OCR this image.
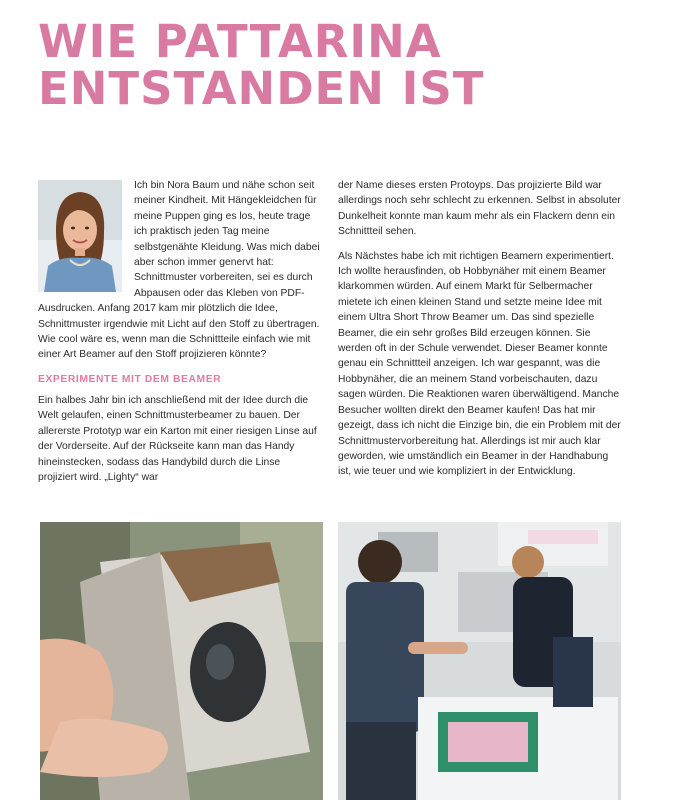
WIE PATTARINA
ENTSTANDEN IST

Ich bin Nora Baum und nähe schon seit meiner Kindheit. Mit Hängekleidchen für meine Puppen ging es los, heute trage ich praktisch jeden Tag meine selbstgenähte Kleidung. Was mich dabei aber schon immer genervt hat: Schnittmuster vorbereiten, sei es durch Abpausen oder das Kleben von PDF-Ausdrucken. Anfang 2017 kam mir plötzlich die Idee, Schnittmuster irgendwie mit Licht auf den Stoff zu übertragen. Wie cool wäre es, wenn man die Schnittteile einfach wie mit einer Art Beamer auf den Stoff projizieren könnte?

EXPERIMENTE MIT DEM BEAMER

Ein halbes Jahr bin ich anschließend mit der Idee durch die Welt gelaufen, einen Schnittmusterbeamer zu bauen. Der allererste Prototyp war ein Karton mit einer riesigen Linse auf der Vorderseite. Auf der Rückseite kann man das Handy hineinstecken, sodass das Handybild durch die Linse projiziert wird. „Lighty“ war

der Name dieses ersten Protoyps. Das projizierte Bild war allerdings noch sehr schlecht zu erkennen. Selbst in absoluter Dunkelheit konnte man kaum mehr als ein Flackern denn ein Schnittteil sehen.

Als Nächstes habe ich mit richtigen Beamern experimentiert. Ich wollte herausfinden, ob Hobbynäher mit einem Beamer klarkommen würden. Auf einem Markt für Selbermacher mietete ich einen kleinen Stand und setzte meine Idee mit einem Ultra Short Throw Beamer um. Das sind spezielle Beamer, die ein sehr großes Bild erzeugen können. Sie werden oft in der Schule verwendet. Dieser Beamer konnte genau ein Schnittteil anzeigen. Ich war gespannt, was die Hobbynäher, die an meinem Stand vorbeischauten, dazu sagen würden. Die Reaktionen waren überwältigend. Manche Besucher wollten direkt den Beamer kaufen! Das hat mir gezeigt, dass ich nicht die Einzige bin, die ein Problem mit der Schnittmustervorbereitung hat. Allerdings ist mir auch klar geworden, wie umständlich ein Beamer in der Handhabung ist, wie teuer und wie kompliziert in der Entwicklung.
